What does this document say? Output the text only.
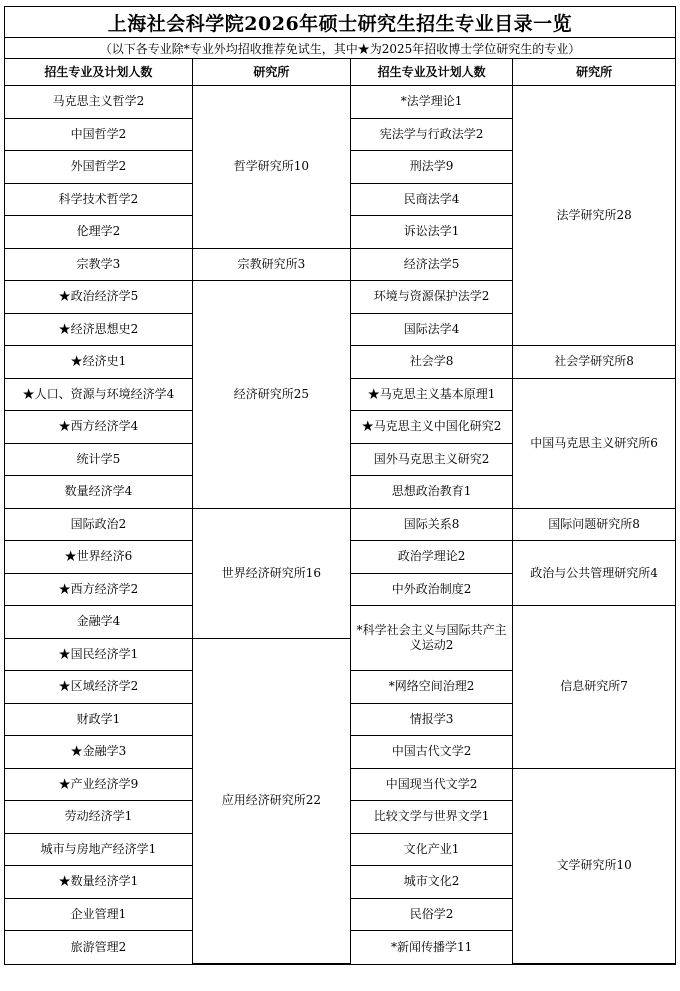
上海社会科学院2026年硕士研究生招生专业目录一览
（以下各专业除*专业外均招收推荐免试生，其中★为2025年招收博士学位研究生的专业）
招生专业及计划人数	研究所	招生专业及计划人数	研究所
马克思主义哲学2	哲学研究所10	*法学理论1	法学研究所28
中国哲学2		宪法学与行政法学2	
外国哲学2		刑法学9	
科学技术哲学2		民商法学4	
伦理学2		诉讼法学1	
宗教学3	宗教研究所3	经济法学5	
★政治经济学5	经济研究所25	环境与资源保护法学2	
★经济思想史2		国际法学4	
★经济史1		社会学8	社会学研究所8
★人口、资源与环境经济学4		★马克思主义基本原理1	中国马克思主义研究所6
★西方经济学4		★马克思主义中国化研究2	
统计学5		国外马克思主义研究2	
数量经济学4		思想政治教育1	
国际政治2	世界经济研究所16	国际关系8	国际问题研究所8
★世界经济6		政治学理论2	政治与公共管理研究所4
★西方经济学2		中外政治制度2	
金融学4		*科学社会主义与国际共产主义运动2	信息研究所7
★国民经济学1	应用经济研究所22		
★区域经济学2		*网络空间治理2	
财政学1		情报学3	
★金融学3		中国古代文学2	
★产业经济学9		中国现当代文学2	文学研究所10
劳动经济学1		比较文学与世界文学1	
城市与房地产经济学1		文化产业1	
★数量经济学1		城市文化2	
企业管理1		民俗学2	
旅游管理2		*新闻传播学11	
